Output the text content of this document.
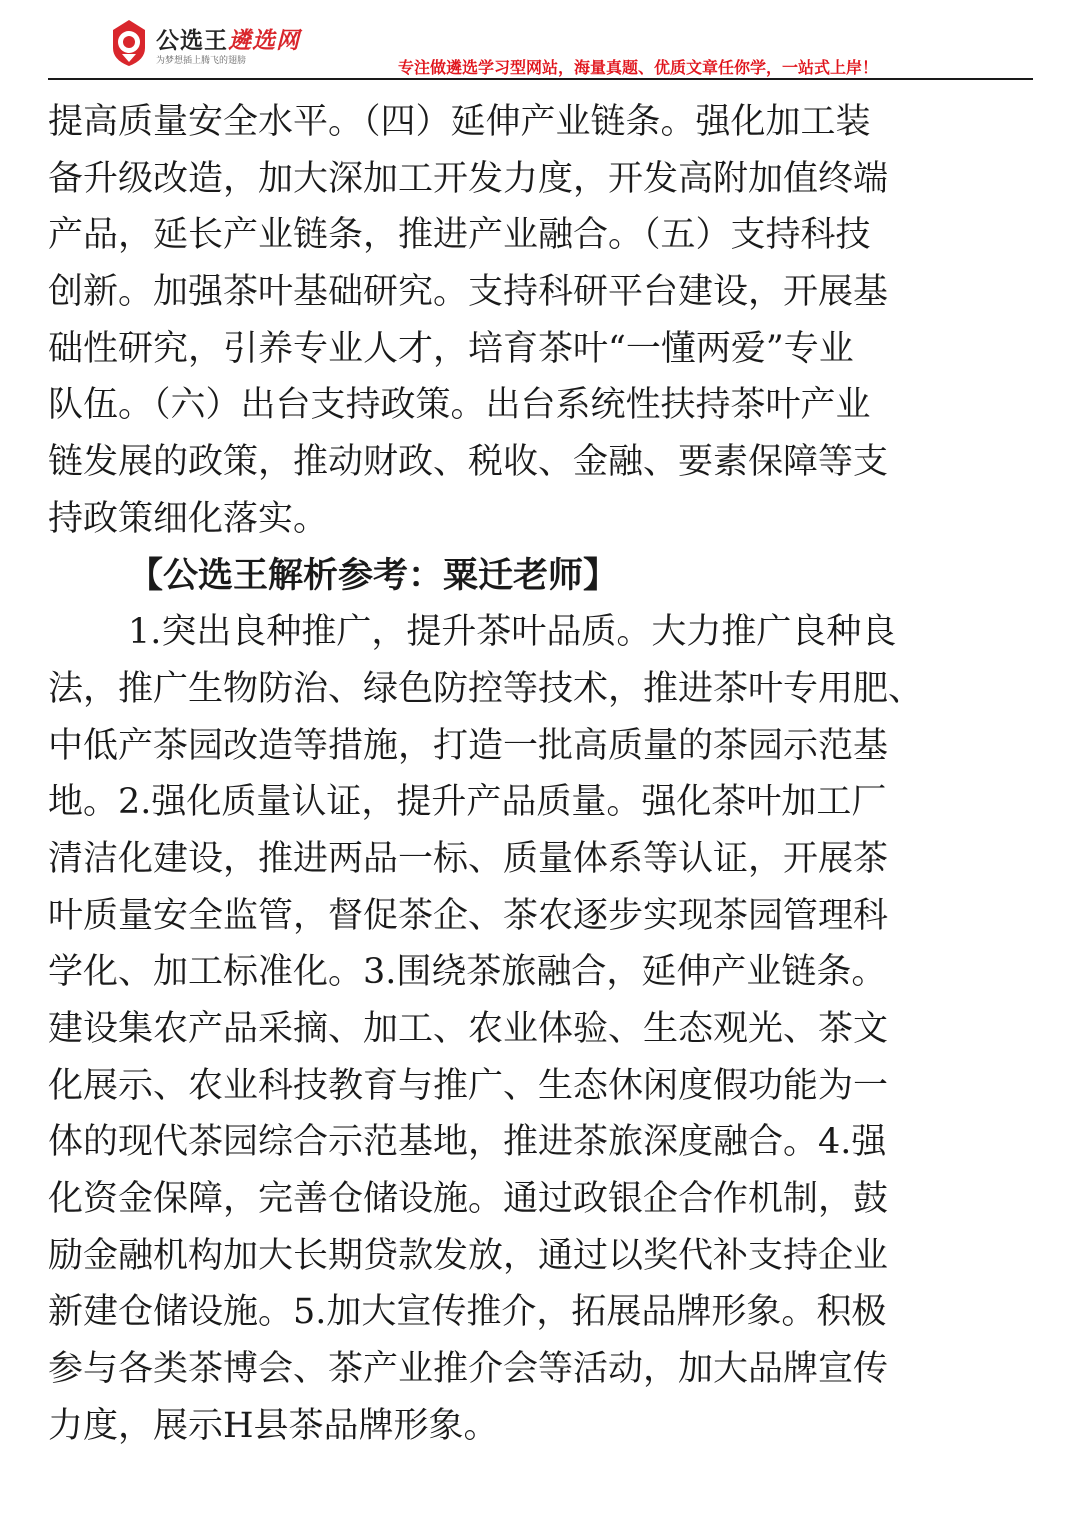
公选王遴选网
为梦想插上腾飞的翅膀	专注做遴选学习型网站，海量真题、优质文章任你学，一站式上岸！
提高质量安全水平。（四）延伸产业链条。强化加工装
备升级改造，加大深加工开发力度，开发高附加值终端
产品，延长产业链条，推进产业融合。（五）支持科技
创新。加强茶叶基础研究。支持科研平台建设，开展基
础性研究，引养专业人才，培育茶叶“一懂两爱”专业
队伍。（六）出台支持政策。出台系统性扶持茶叶产业
链发展的政策，推动财政、税收、金融、要素保障等支
持政策细化落实。
【公选王解析参考：粟迁老师】
1.突出良种推广，提升茶叶品质。大力推广良种良
法，推广生物防治、绿色防控等技术，推进茶叶专用肥、
中低产茶园改造等措施，打造一批高质量的茶园示范基
地。2.强化质量认证，提升产品质量。强化茶叶加工厂
清洁化建设，推进两品一标、质量体系等认证，开展茶
叶质量安全监管，督促茶企、茶农逐步实现茶园管理科
学化、加工标准化。3.围绕茶旅融合，延伸产业链条。
建设集农产品采摘、加工、农业体验、生态观光、茶文
化展示、农业科技教育与推广、生态休闲度假功能为一
体的现代茶园综合示范基地，推进茶旅深度融合。4.强
化资金保障，完善仓储设施。通过政银企合作机制，鼓
励金融机构加大长期贷款发放，通过以奖代补支持企业
新建仓储设施。5.加大宣传推介，拓展品牌形象。积极
参与各类茶博会、茶产业推介会等活动，加大品牌宣传
力度，展示H县茶品牌形象。
